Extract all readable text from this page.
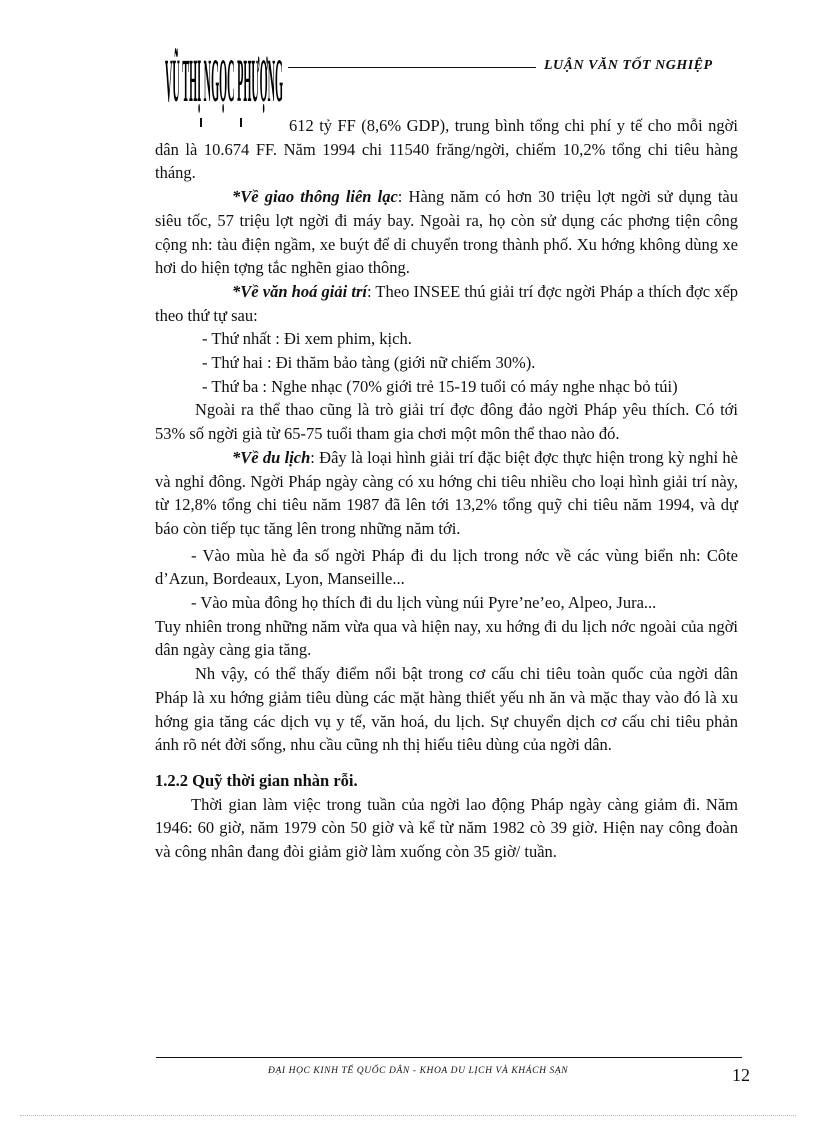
VŨ THỊ NGỌC PHƯỢNG	LUẬN VĂN TỐT NGHIỆP

612 tỷ FF (8,6% GDP), trung bình tổng chi phí y tế cho mỗi ngời dân là 10.674 FF. Năm 1994 chi 11540 frăng/ngời, chiếm 10,2% tổng chi tiêu hàng tháng.

*Về giao thông liên lạc: Hàng năm có hơn 30 triệu lợt ngời sử dụng tàu siêu tốc, 57 triệu lợt ngời đi máy bay. Ngoài ra, họ còn sử dụng các phơng tiện công cộng nh: tàu điện ngầm, xe buýt để di chuyển trong thành phố. Xu hớng không dùng xe hơi do hiện tợng tắc nghẽn giao thông.

*Về văn hoá giải trí: Theo INSEE thú giải trí đợc ngời Pháp a thích đợc xếp theo thứ tự sau:

- Thứ nhất : Đi xem phim, kịch.

- Thứ hai : Đi thăm bảo tàng (giới nữ chiếm 30%).

- Thứ ba : Nghe nhạc (70% giới trẻ 15-19 tuổi có máy nghe nhạc bỏ túi)

Ngoài ra thể thao cũng là trò giải trí đợc đông đảo ngời Pháp yêu thích. Có tới 53% số ngời già từ 65-75 tuổi tham gia chơi một môn thể thao nào đó.

*Về du lịch: Đây là loại hình giải trí đặc biệt đợc thực hiện trong kỳ nghỉ hè và nghỉ đông. Ngời Pháp ngày càng có xu hớng chi tiêu nhiều cho loại hình giải trí này, từ 12,8% tổng chi tiêu năm 1987 đã lên tới 13,2% tổng quỹ chi tiêu năm 1994, và dự báo còn tiếp tục tăng lên trong những năm tới.

- Vào mùa hè đa số ngời Pháp đi du lịch trong nớc về các vùng biển nh: Côte d’Azun, Bordeaux, Lyon, Manseille...

- Vào mùa đông họ thích đi du lịch vùng núi Pyre’ne’eo, Alpeo, Jura...

Tuy nhiên trong những năm vừa qua và hiện nay, xu hớng đi du lịch nớc ngoài của ngời dân ngày càng gia tăng.

Nh vậy, có thể thấy điểm nổi bật trong cơ cấu chi tiêu toàn quốc của ngời dân Pháp là xu hớng giảm tiêu dùng các mặt hàng thiết yếu nh ăn và mặc thay vào đó là xu hớng gia tăng các dịch vụ y tế, văn hoá, du lịch. Sự chuyển dịch cơ cấu chi tiêu phản ánh rõ nét đời sống, nhu cầu cũng nh thị hiếu tiêu dùng của ngời dân.

1.2.2 Quỹ thời gian nhàn rỗi.

Thời gian làm việc trong tuần của ngời lao động Pháp ngày càng giảm đi. Năm 1946: 60 giờ, năm 1979 còn 50 giờ và kể từ năm 1982 cò 39 giờ. Hiện nay công đoàn và công nhân đang đòi giảm giờ làm xuống còn 35 giờ/ tuần.

ĐẠI HỌC KINH TẾ QUỐC DÂN - KHOA DU LỊCH VÀ KHÁCH SẠN	12
